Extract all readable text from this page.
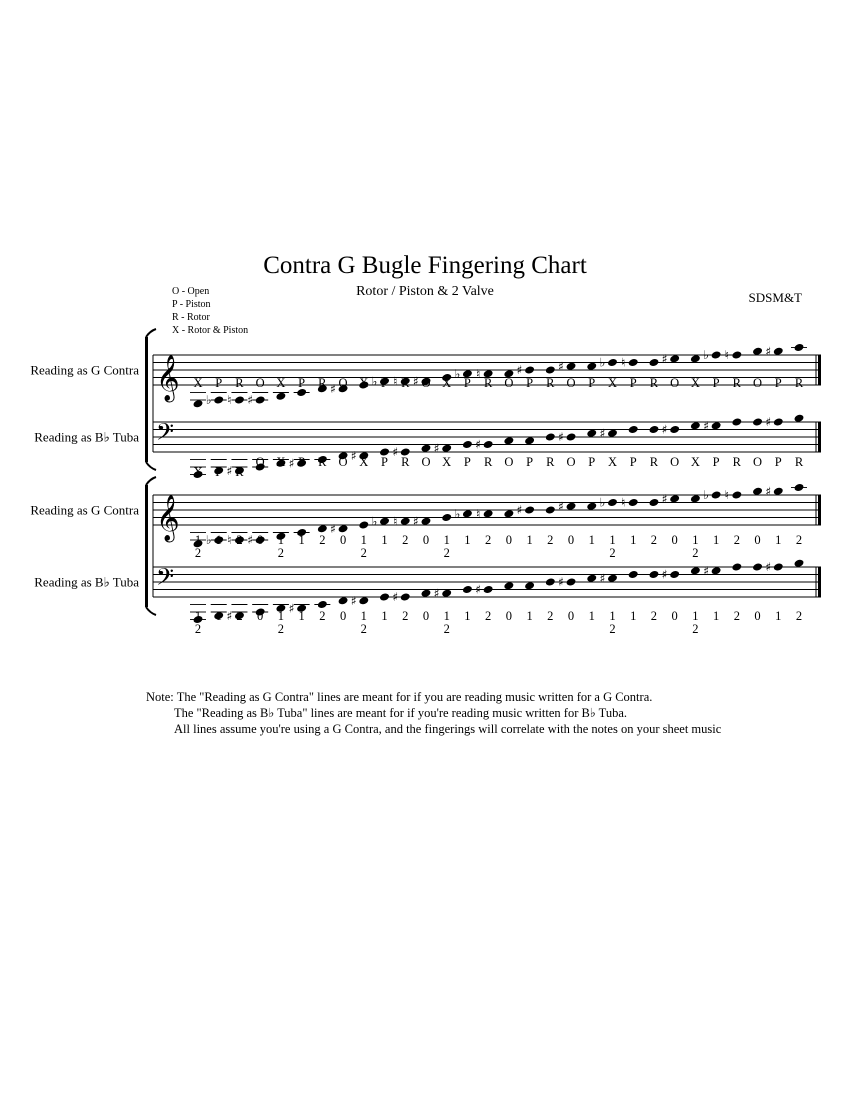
Contra G Bugle Fingering Chart
Rotor / Piston & 2 Valve	SDSM&T
O - Open
P - Piston
R - Rotor
X - Rotor & Piston
Reading as G Contra 𝄞 ♭ ♮ ♯
♯
♭ ♮ ♯
♭ ♮	♯	♯	♭ ♮	♯	♭ ♮	♯
Reading as B♭ Tuba 𝄢
♯
♯
♯	♯	♯	♯
♯	♯	♯	♯	♯
Reading as G Contra 𝄞 ♭ ♮ ♯
♯
♭ ♮ ♯
♭ ♮	♯	♯	♭ ♮	♯	♭ ♮	♯
Reading as B♭ Tuba 𝄢
♯
♯
♯	♯	♯	♯
♯	♯	♯	♯	♯
X P R O X P R O X P R O X P R O P R O P X P R O X P R O P R
X P R
O X P R O X P R O X P R O P R O P X P R O X P R O P R
1
2
1 2 0 1
2
1 2 0 1
2
1 2 0 1
2
1 2 0 1 2 0 1 1
2
1 2 0 1
2
1 2 0 1 2
1
2
1 2 0 1
2
1 2 0 1
2
1 2 0 1
2
1 2 0 1 2 0 1 1
2
1 2 0 1
2
1 2 0 1 2
Note: The "Reading as G Contra" lines are meant for if you are reading music written for a G Contra.
The "Reading as B♭ Tuba" lines are meant for if you're reading music written for B♭ Tuba.
All lines assume you're using a G Contra, and the fingerings will correlate with the notes on your sheet music
